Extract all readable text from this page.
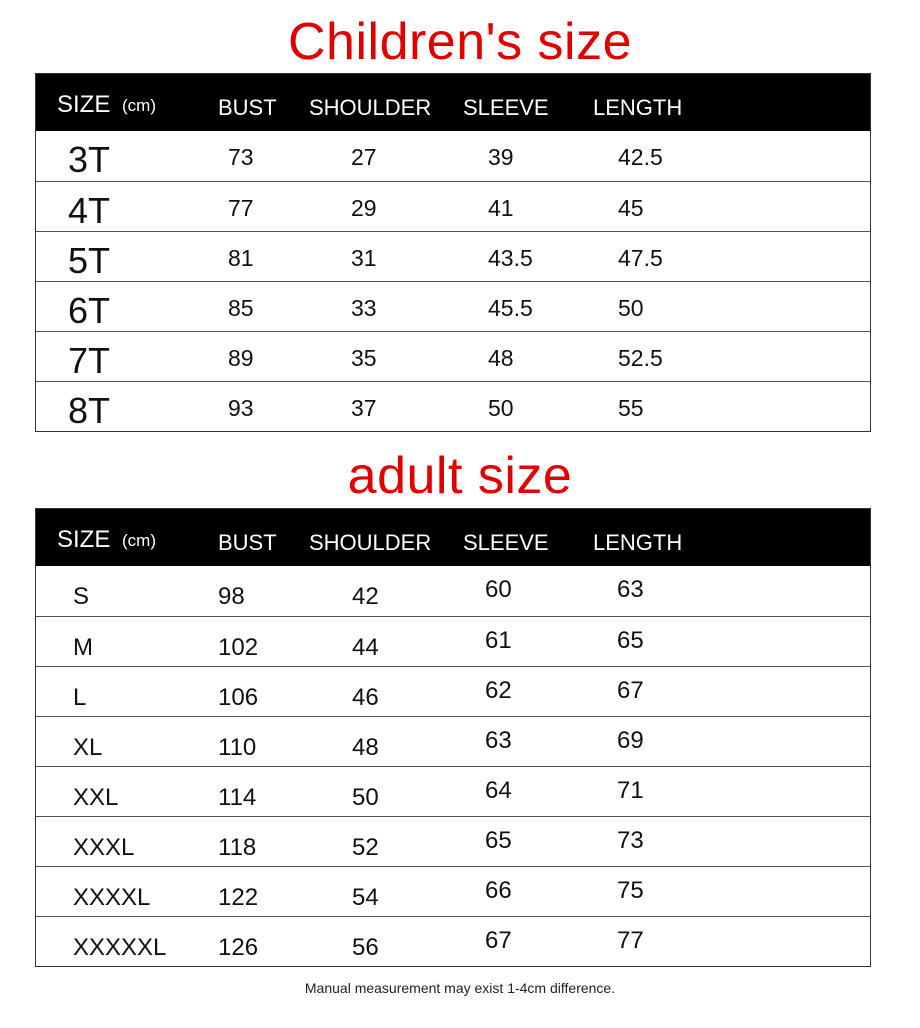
Children's size
SIZE (cm)	BUST SHOULDER SLEEVE LENGTH
3T	73	27	39	42.5
4T	77	29	41	45
5T	81	31	43.5	47.5
6T	85	33	45.5	50
7T	89	35	48	52.5
8T	93	37	50	55
adult size
SIZE (cm)	BUST SHOULDER SLEEVE LENGTH
S	98	42	60	63
M	102	44	61	65
L	106	46	62	67
XL	110	48	63	69
XXL	114	50	64	71
XXXL	118	52	65	73
XXXXL	122	54	66	75
XXXXXL 126	56	67	77
Manual measurement may exist 1-4cm difference.
